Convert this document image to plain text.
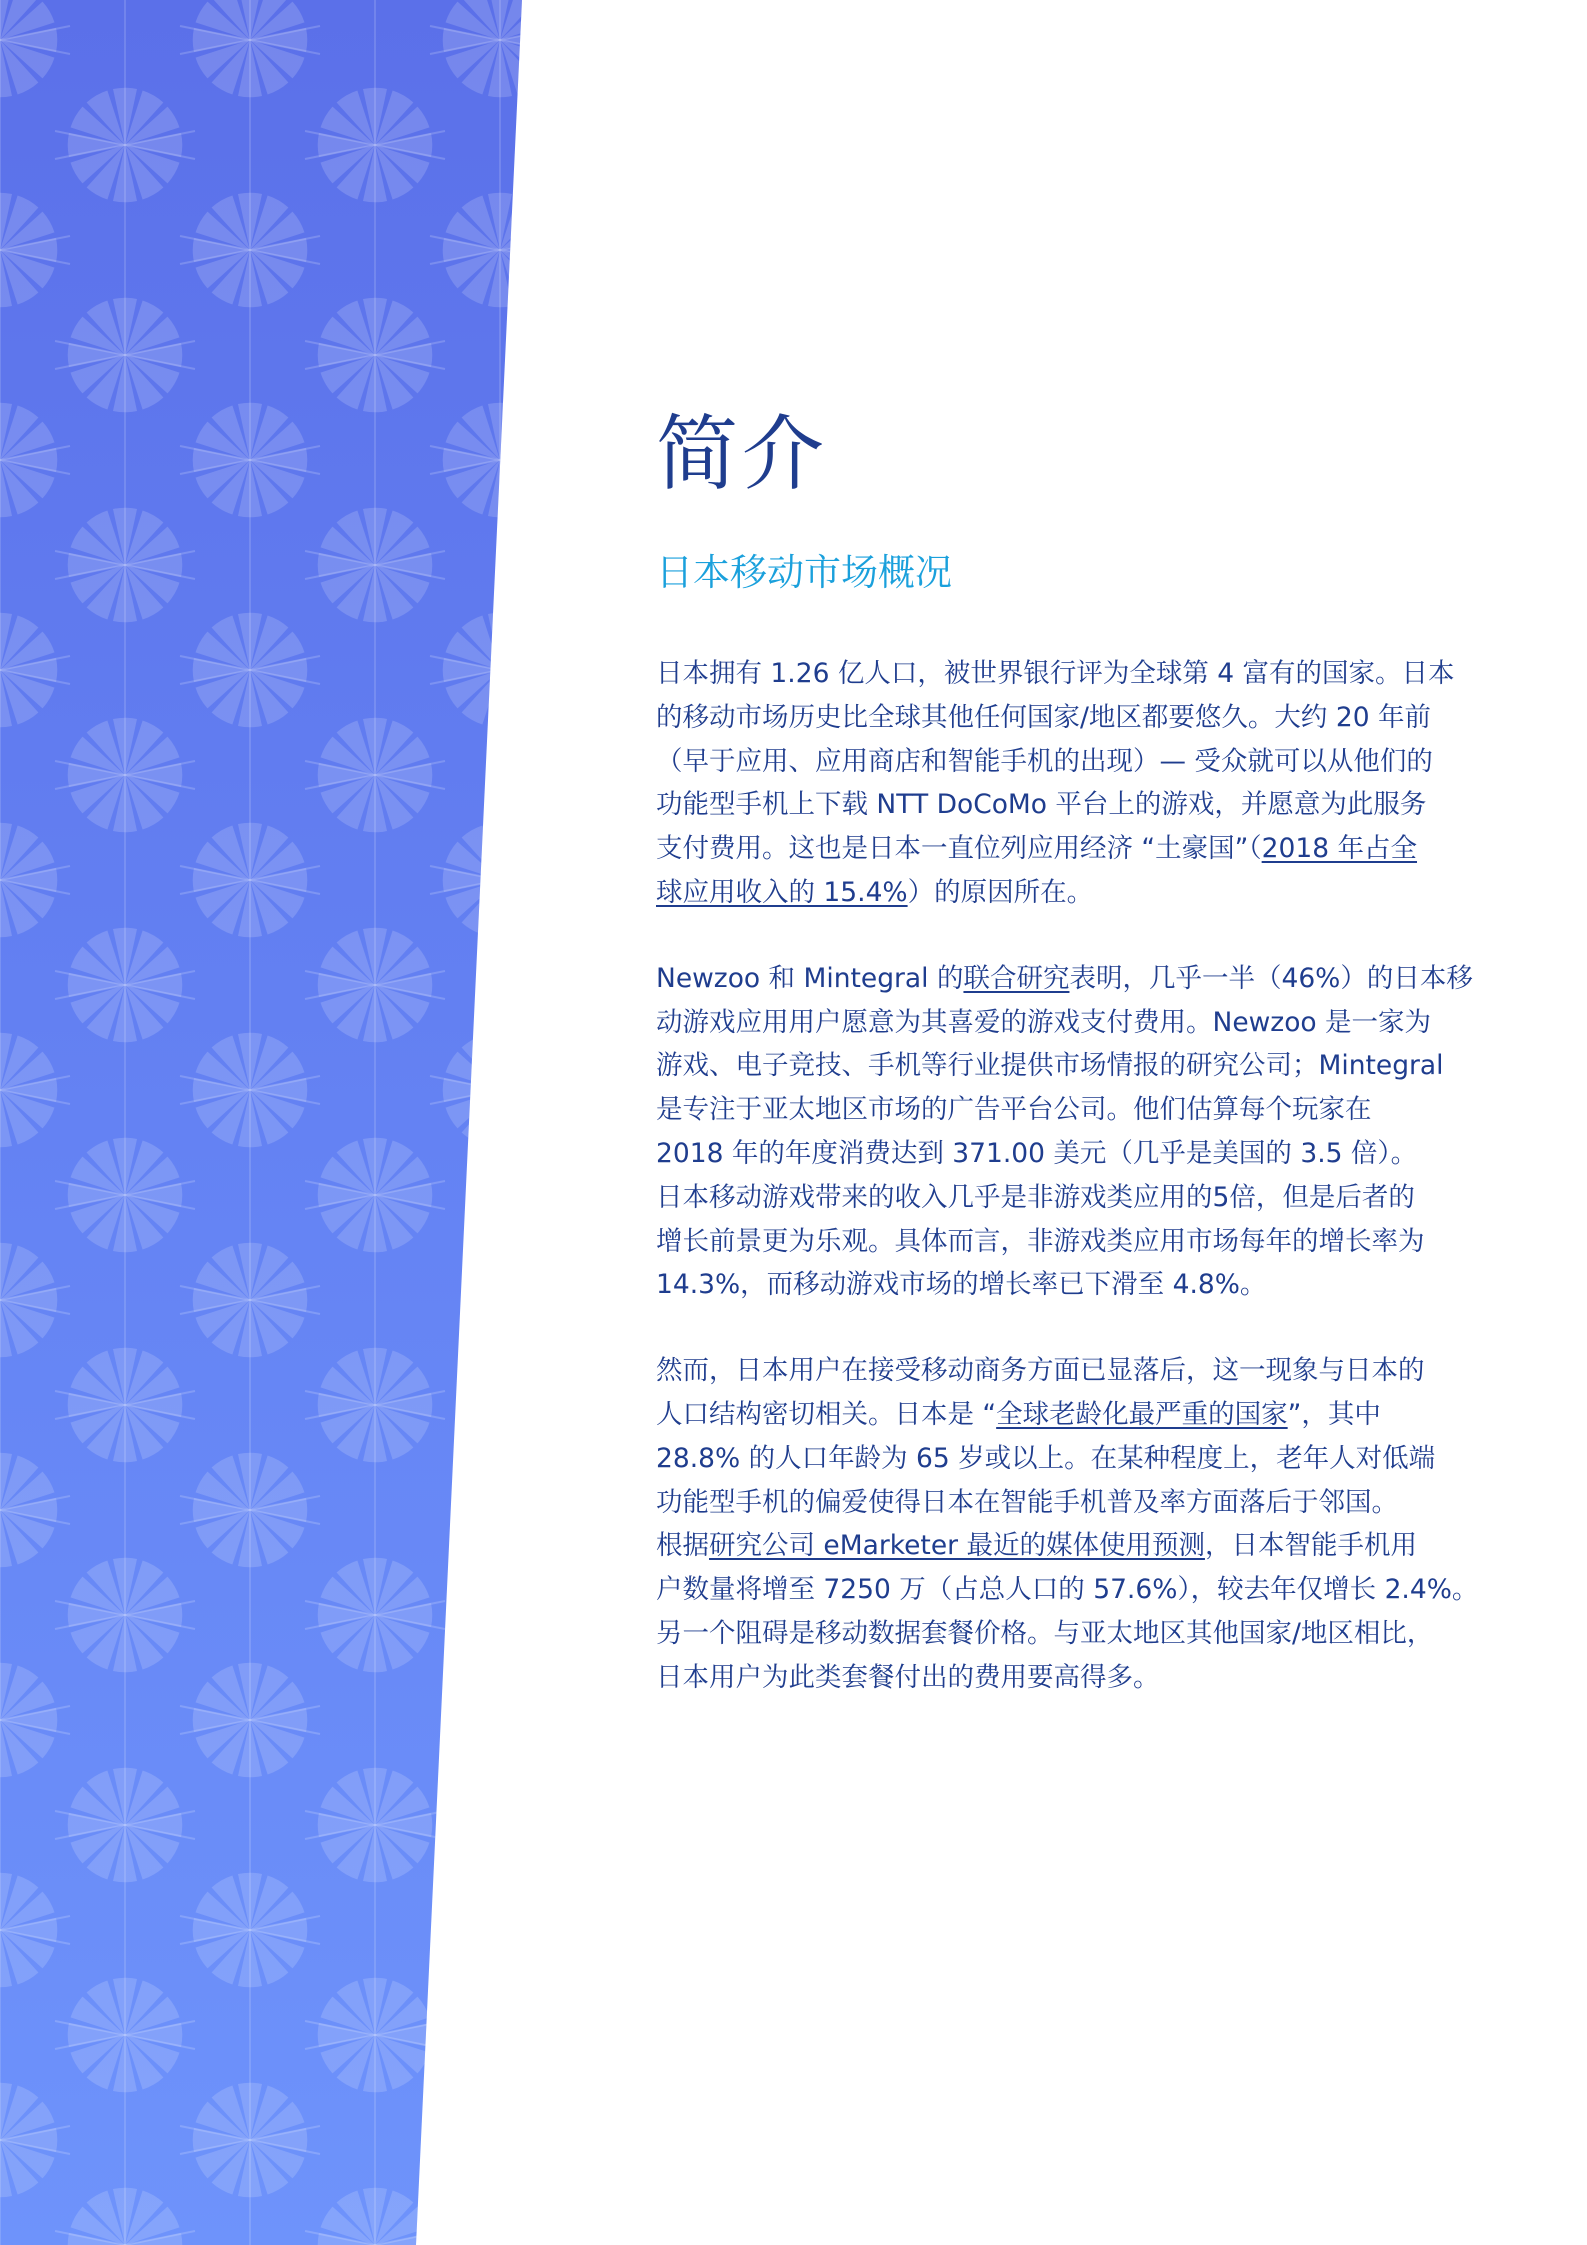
简介
日本移动市场概况

日本拥有 1.26 亿人口，被世界银行评为全球第 4 富有的国家。日本
的移动市场历史比全球其他任何国家/地区都要悠久。大约 20 年前
（早于应用、应用商店和智能手机的出现）— 受众就可以从他们的
功能型手机上下载 NTT DoCoMo 平台上的游戏，并愿意为此服务
支付费用。这也是日本一直位列应用经济 “土豪国”（2018 年占全
球应用收入的 15.4%）的原因所在。

Newzoo 和 Mintegral 的联合研究表明，几乎一半（46%）的日本移
动游戏应用用户愿意为其喜爱的游戏支付费用。Newzoo 是一家为
游戏、电子竞技、手机等行业提供市场情报的研究公司；Mintegral
是专注于亚太地区市场的广告平台公司。他们估算每个玩家在
2018 年的年度消费达到 371.00 美元（几乎是美国的 3.5 倍）。
日本移动游戏带来的收入几乎是非游戏类应用的5倍，但是后者的
增长前景更为乐观。具体而言，非游戏类应用市场每年的增长率为
14.3%，而移动游戏市场的增长率已下滑至 4.8%。

然而，日本用户在接受移动商务方面已显落后，这一现象与日本的
人口结构密切相关。日本是 “全球老龄化最严重的国家”，其中
28.8% 的人口年龄为 65 岁或以上。在某种程度上，老年人对低端
功能型手机的偏爱使得日本在智能手机普及率方面落后于邻国。
根据研究公司 eMarketer 最近的媒体使用预测，日本智能手机用
户数量将增至 7250 万（占总人口的 57.6%），较去年仅增长 2.4%。
另一个阻碍是移动数据套餐价格。与亚太地区其他国家/地区相比，
日本用户为此类套餐付出的费用要高得多。
